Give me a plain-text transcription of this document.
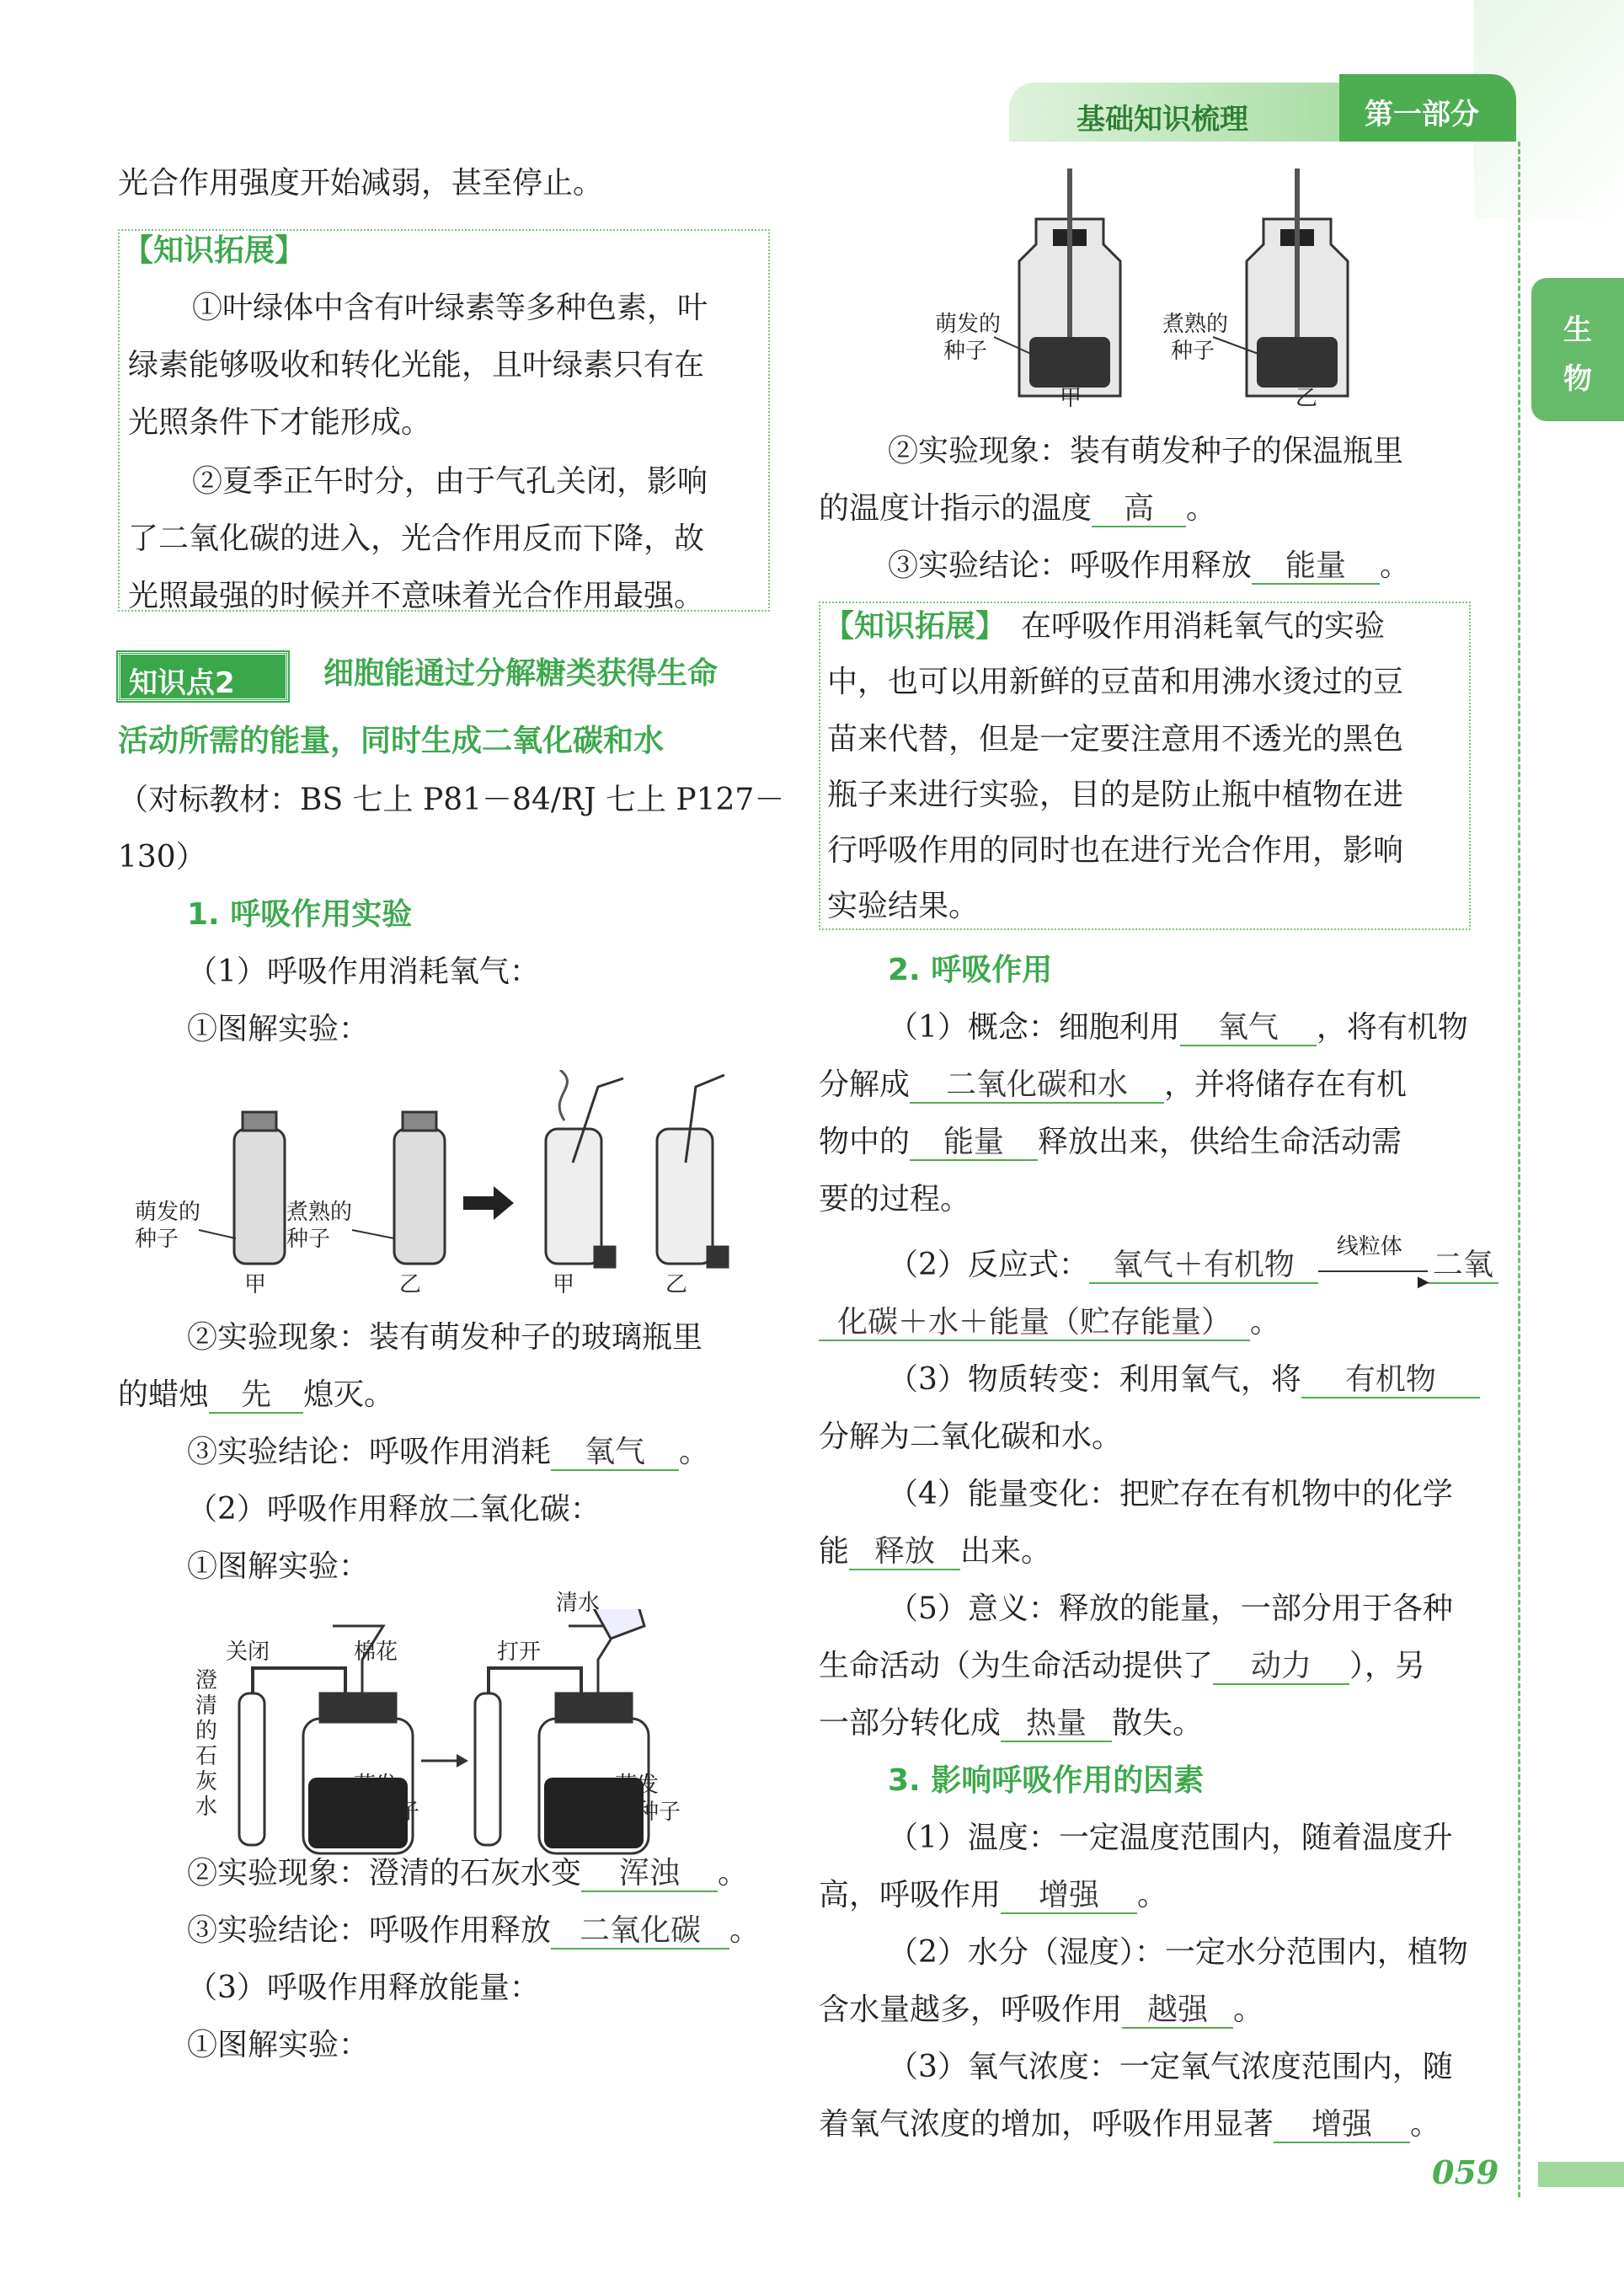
基础知识梳理	第一部分
生
物
059
光合作用强度开始减弱，甚至停止。
【知识拓展】
①叶绿体中含有叶绿素等多种色素，叶
绿素能够吸收和转化光能，且叶绿素只有在
光照条件下才能形成。
②夏季正午时分，由于气孔关闭，影响
了二氧化碳的进入，光合作用反而下降，故
光照最强的时候并不意味着光合作用最强。
知识点2	细胞能通过分解糖类获得生命
活动所需的能量，同时生成二氧化碳和水
（对标教材：BS 七上 P81－84/RJ 七上 P127－
130）
1. 呼吸作用实验
（1）呼吸作用消耗氧气：
①图解实验：
萌发的
种子
煮熟的
种子
甲	乙	甲	乙
②实验现象：装有萌发种子的玻璃瓶里
的蜡烛 先 熄灭。
③实验结论：呼吸作用消耗 氧气 。
（2）呼吸作用释放二氧化碳：
①图解实验：
清水
关闭	棉花	打开
澄
清
的
石
灰
水
萌发
的种子
萌发
的种子
②实验现象：澄清的石灰水变 浑浊 。
③实验结论：呼吸作用释放 二氧化碳 。
（3）呼吸作用释放能量：
①图解实验：
萌发的
种子
煮熟的
种子
甲	乙
②实验现象：装有萌发种子的保温瓶里
的温度计指示的温度 高 。
③实验结论：呼吸作用释放 能量 。
【知识拓展】 在呼吸作用消耗氧气的实验
中，也可以用新鲜的豆苗和用沸水烫过的豆
苗来代替，但是一定要注意用不透光的黑色
瓶子来进行实验，目的是防止瓶中植物在进
行呼吸作用的同时也在进行光合作用，影响
实验结果。
2. 呼吸作用
（1）概念：细胞利用 氧气 ，将有机物
分解成 二氧化碳和水 ，并将储存在有机
物中的 能量 释放出来，供给生命活动需
要的过程。
（2）反应式： 氧气＋有机物
线粒体
▶ 二氧
化碳＋水＋能量（贮存能量） 。
（3）物质转变：利用氧气，将 有机物
分解为二氧化碳和水。
（4）能量变化：把贮存在有机物中的化学
能 释放 出来。
（5）意义：释放的能量，一部分用于各种
生命活动（为生命活动提供了 动力 ），另
一部分转化成 热量 散失。
3. 影响呼吸作用的因素
（1）温度：一定温度范围内，随着温度升
高，呼吸作用 增强 。
（2）水分（湿度）：一定水分范围内，植物
含水量越多，呼吸作用 越强 。
（3）氧气浓度：一定氧气浓度范围内，随
着氧气浓度的增加，呼吸作用显著 增强 。
